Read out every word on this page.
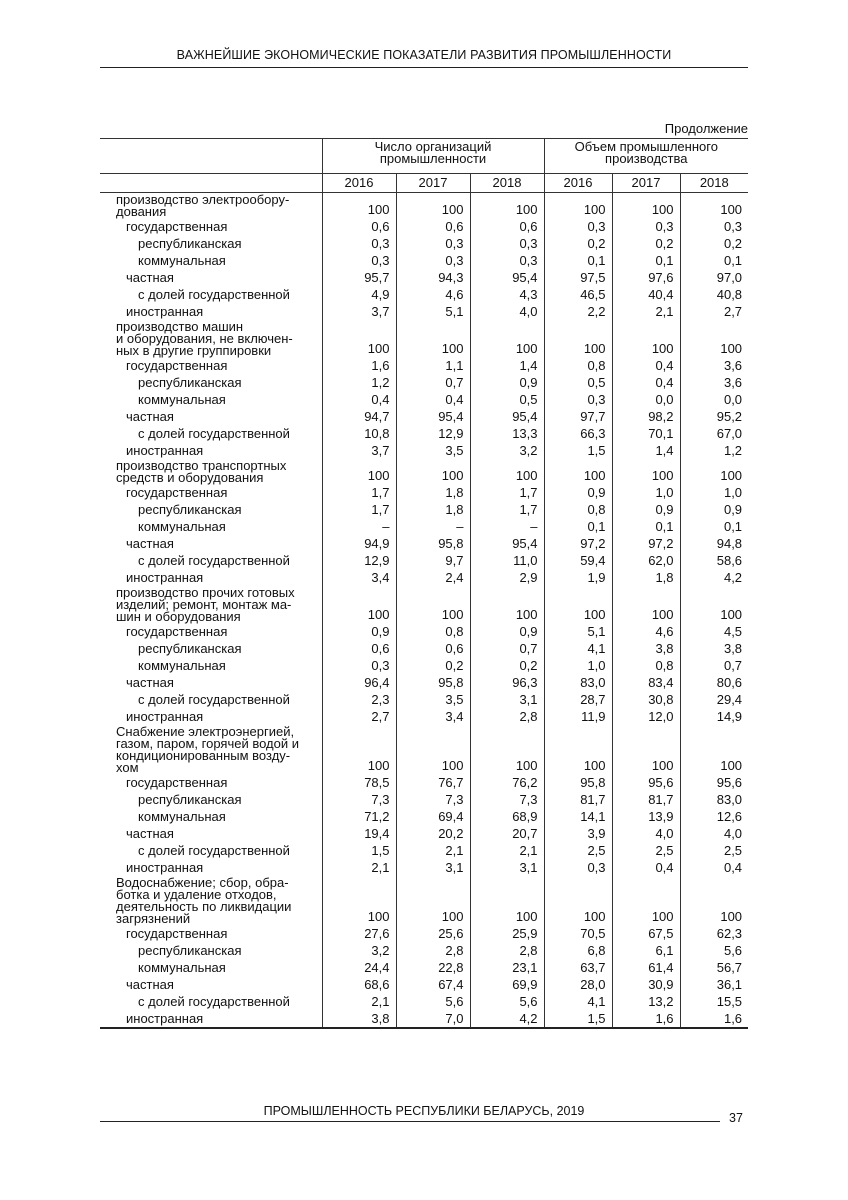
ВАЖНЕЙШИЕ ЭКОНОМИЧЕСКИЕ ПОКАЗАТЕЛИ РАЗВИТИЯ ПРОМЫШЛЕННОСТИ
Продолжение
	Число организаций промышленности			Объем промышленного производства		
	2016	2017	2018	2016	2017	2018
производство электрообору-
дования	100	100	100	100	100	100
государственная	0,6	0,6	0,6	0,3	0,3	0,3
республиканская	0,3	0,3	0,3	0,2	0,2	0,2
коммунальная	0,3	0,3	0,3	0,1	0,1	0,1
частная	95,7	94,3	95,4	97,5	97,6	97,0
с долей государственной	4,9	4,6	4,3	46,5	40,4	40,8
иностранная	3,7	5,1	4,0	2,2	2,1	2,7
производство машин
и оборудования, не включен-
ных в другие группировки	100	100	100	100	100	100
государственная	1,6	1,1	1,4	0,8	0,4	3,6
республиканская	1,2	0,7	0,9	0,5	0,4	3,6
коммунальная	0,4	0,4	0,5	0,3	0,0	0,0
частная	94,7	95,4	95,4	97,7	98,2	95,2
с долей государственной	10,8	12,9	13,3	66,3	70,1	67,0
иностранная	3,7	3,5	3,2	1,5	1,4	1,2
производство транспортных
средств и оборудования	100	100	100	100	100	100
государственная	1,7	1,8	1,7	0,9	1,0	1,0
республиканская	1,7	1,8	1,7	0,8	0,9	0,9
коммунальная	–	–	–	0,1	0,1	0,1
частная	94,9	95,8	95,4	97,2	97,2	94,8
с долей государственной	12,9	9,7	11,0	59,4	62,0	58,6
иностранная	3,4	2,4	2,9	1,9	1,8	4,2
производство прочих готовых
изделий; ремонт, монтаж ма-
шин и оборудования	100	100	100	100	100	100
государственная	0,9	0,8	0,9	5,1	4,6	4,5
республиканская	0,6	0,6	0,7	4,1	3,8	3,8
коммунальная	0,3	0,2	0,2	1,0	0,8	0,7
частная	96,4	95,8	96,3	83,0	83,4	80,6
с долей государственной	2,3	3,5	3,1	28,7	30,8	29,4
иностранная	2,7	3,4	2,8	11,9	12,0	14,9
Снабжение электроэнергией,
газом, паром, горячей водой и
кондиционированным возду-
хом	100	100	100	100	100	100
государственная	78,5	76,7	76,2	95,8	95,6	95,6
республиканская	7,3	7,3	7,3	81,7	81,7	83,0
коммунальная	71,2	69,4	68,9	14,1	13,9	12,6
частная	19,4	20,2	20,7	3,9	4,0	4,0
с долей государственной	1,5	2,1	2,1	2,5	2,5	2,5
иностранная	2,1	3,1	3,1	0,3	0,4	0,4
Водоснабжение; сбор, обра-
ботка и удаление отходов,
деятельность по ликвидации
загрязнений	100	100	100	100	100	100
государственная	27,6	25,6	25,9	70,5	67,5	62,3
республиканская	3,2	2,8	2,8	6,8	6,1	5,6
коммунальная	24,4	22,8	23,1	63,7	61,4	56,7
частная	68,6	67,4	69,9	28,0	30,9	36,1
с долей государственной	2,1	5,6	5,6	4,1	13,2	15,5
иностранная	3,8	7,0	4,2	1,5	1,6	1,6
ПРОМЫШЛЕННОСТЬ РЕСПУБЛИКИ БЕЛАРУСЬ, 2019	37
